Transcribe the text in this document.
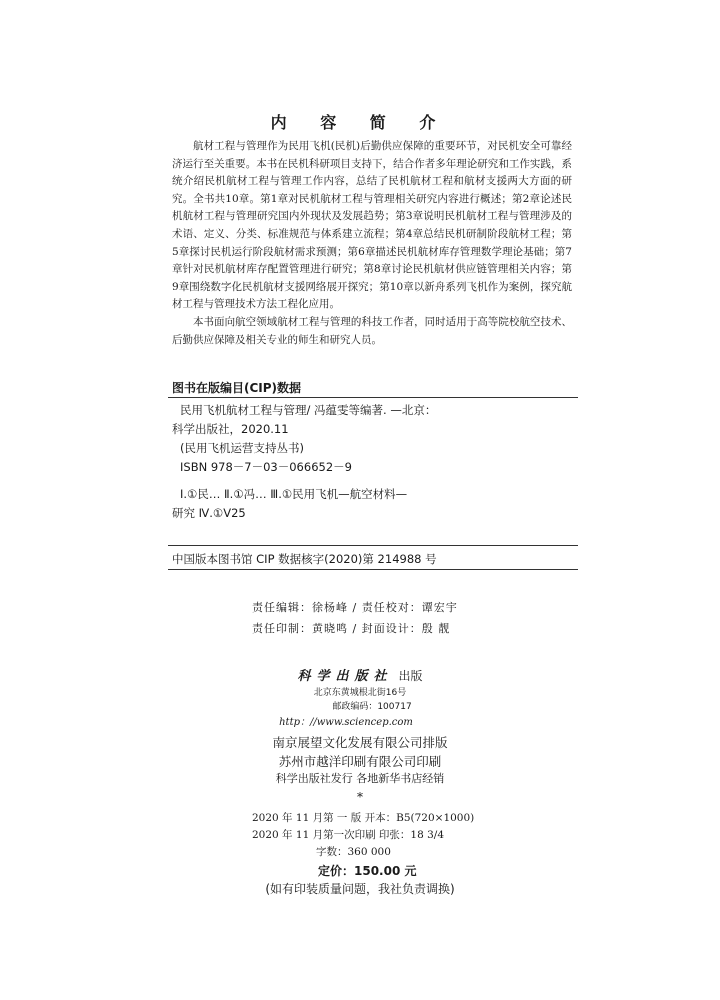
内 容 简 介

航材工程与管理作为民用飞机(民机)后勤供应保障的重要环节，对民机安全可靠经济运行至关重要。本书在民机科研项目支持下，结合作者多年理论研究和工作实践，系统介绍民机航材工程与管理工作内容，总结了民机航材工程和航材支援两大方面的研究。全书共10章。第1章对民机航材工程与管理相关研究内容进行概述；第2章论述民机航材工程与管理研究国内外现状及发展趋势；第3章说明民机航材工程与管理涉及的术语、定义、分类、标准规范与体系建立流程；第4章总结民机研制阶段航材工程；第5章探讨民机运行阶段航材需求预测；第6章描述民机航材库存管理数学理论基础；第7章针对民机航材库存配置管理进行研究；第8章讨论民机航材供应链管理相关内容；第9章围绕数字化民机航材支援网络展开探究；第10章以新舟系列飞机作为案例，探究航材工程与管理技术方法工程化应用。

本书面向航空领域航材工程与管理的科技工作者，同时适用于高等院校航空技术、后勤供应保障及相关专业的师生和研究人员。

图书在版编目(CIP)数据
民用飞机航材工程与管理/ 冯蕴雯等编著. —北京：
科学出版社，2020.11
(民用飞机运营支持丛书)
ISBN 978－7－03－066652－9
Ⅰ.①民… Ⅱ.①冯… Ⅲ.①民用飞机—航空材料—
研究 Ⅳ.①V25
中国版本图书馆 CIP 数据核字(2020)第 214988 号
责任编辑：徐杨峰 / 责任校对：谭宏宇
责任印制：黄晓鸣 / 封面设计：殷 靓
科学出版社 出版
北京东黄城根北街16号
邮政编码：100717
http：//www.sciencep.com
南京展望文化发展有限公司排版
苏州市越洋印刷有限公司印刷
科学出版社发行 各地新华书店经销
*
2020 年 11 月第 一 版 开本：B5(720×1000)
2020 年 11 月第一次印刷 印张：18 3/4
字数：360 000
定价：150.00 元
(如有印装质量问题，我社负责调换)
